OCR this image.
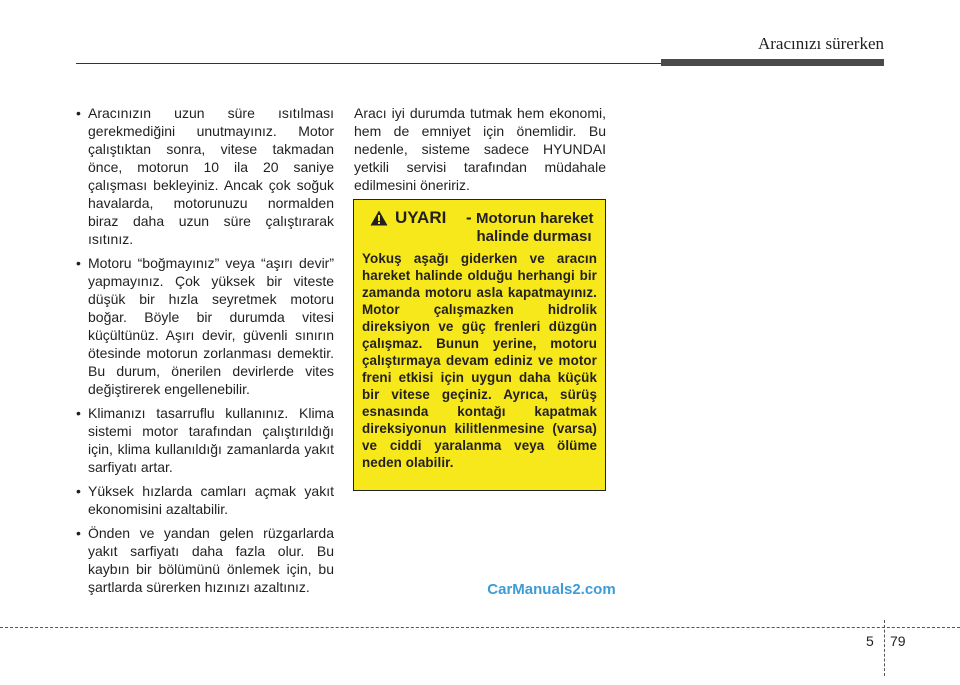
Aracınızı sürerken
• Aracınızın uzun süre ısıtılması gerekmediğini unutmayınız. Motor çalıştıktan sonra, vitese takmadan önce, motorun 10 ila 20 saniye çalışması bekleyiniz. Ancak çok soğuk havalarda, motorunuzu normalden biraz daha uzun süre çalıştırarak ısıtınız.
• Motoru “boğmayınız” veya “aşırı devir” yapmayınız. Çok yüksek bir viteste düşük bir hızla seyretmek motoru boğar. Böyle bir durumda vitesi küçültünüz. Aşırı devir, güvenli sınırın ötesinde motorun zorlanması demektir. Bu durum, önerilen devirlerde vites değiştirerek engellenebilir.
• Klimanızı tasarruflu kullanınız. Klima sistemi motor tarafından çalıştırıldığı için, klima kullanıldığı zamanlarda yakıt sarfiyatı artar.
• Yüksek hızlarda camları açmak yakıt ekonomisini azaltabilir.
• Önden ve yandan gelen rüzgarlarda yakıt sarfiyatı daha fazla olur. Bu kaybın bir bölümünü önlemek için, bu şartlarda sürerken hızınızı azaltınız.

Aracı iyi durumda tutmak hem ekonomi, hem de emniyet için önemlidir. Bu nedenle, sisteme sadece HYUNDAI yetkili servisi tarafından müdahale edilmesini öneririz.

UYARI - Motorun hareket
halinde durması

Yokuş aşağı giderken ve aracın hareket halinde olduğu herhangi bir zamanda motoru asla kapatmayınız. Motor çalışmazken hidrolik direksiyon ve güç frenleri düzgün çalışmaz. Bunun yerine, motoru çalıştırmaya devam ediniz ve motor freni etkisi için uygun daha küçük bir vitese geçiniz. Ayrıca, sürüş esnasında kontağı kapatmak direksiyonun kilitlenmesine (varsa) ve ciddi yaralanma veya ölüme neden olabilir.

CarManuals2.com
5 79
